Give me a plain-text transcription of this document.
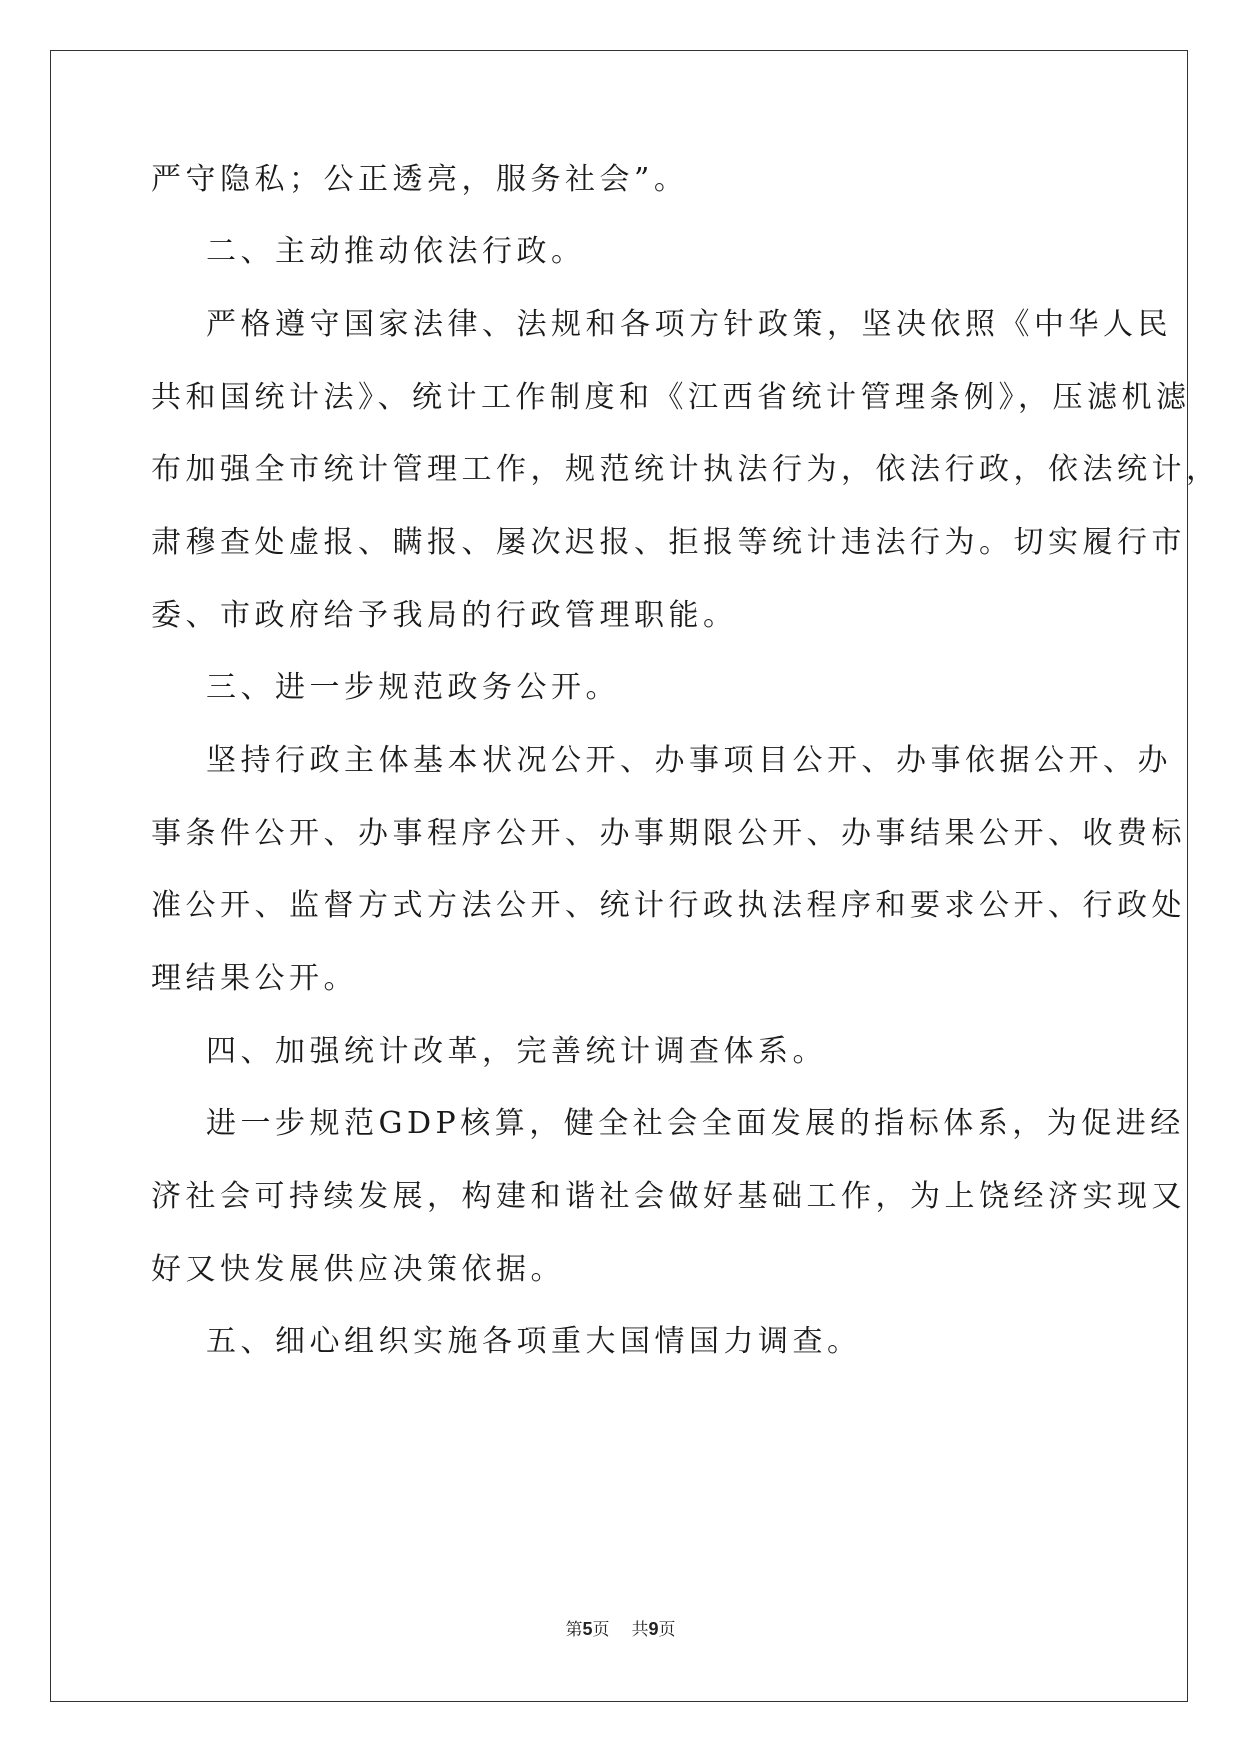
严守隐私；公正透亮，服务社会”。
二、主动推动依法行政。
严格遵守国家法律、法规和各项方针政策，坚决依照《中华人民
共和国统计法》、统计工作制度和《江西省统计管理条例》，压滤机滤
布加强全市统计管理工作，规范统计执法行为，依法行政，依法统计，
肃穆查处虚报、瞒报、屡次迟报、拒报等统计违法行为。切实履行市
委、市政府给予我局的行政管理职能。
三、进一步规范政务公开。
坚持行政主体基本状况公开、办事项目公开、办事依据公开、办
事条件公开、办事程序公开、办事期限公开、办事结果公开、收费标
准公开、监督方式方法公开、统计行政执法程序和要求公开、行政处
理结果公开。
四、加强统计改革，完善统计调查体系。
进一步规范GDP核算，健全社会全面发展的指标体系，为促进经
济社会可持续发展，构建和谐社会做好基础工作，为上饶经济实现又
好又快发展供应决策依据。
五、细心组织实施各项重大国情国力调查。
第5页 共9页
